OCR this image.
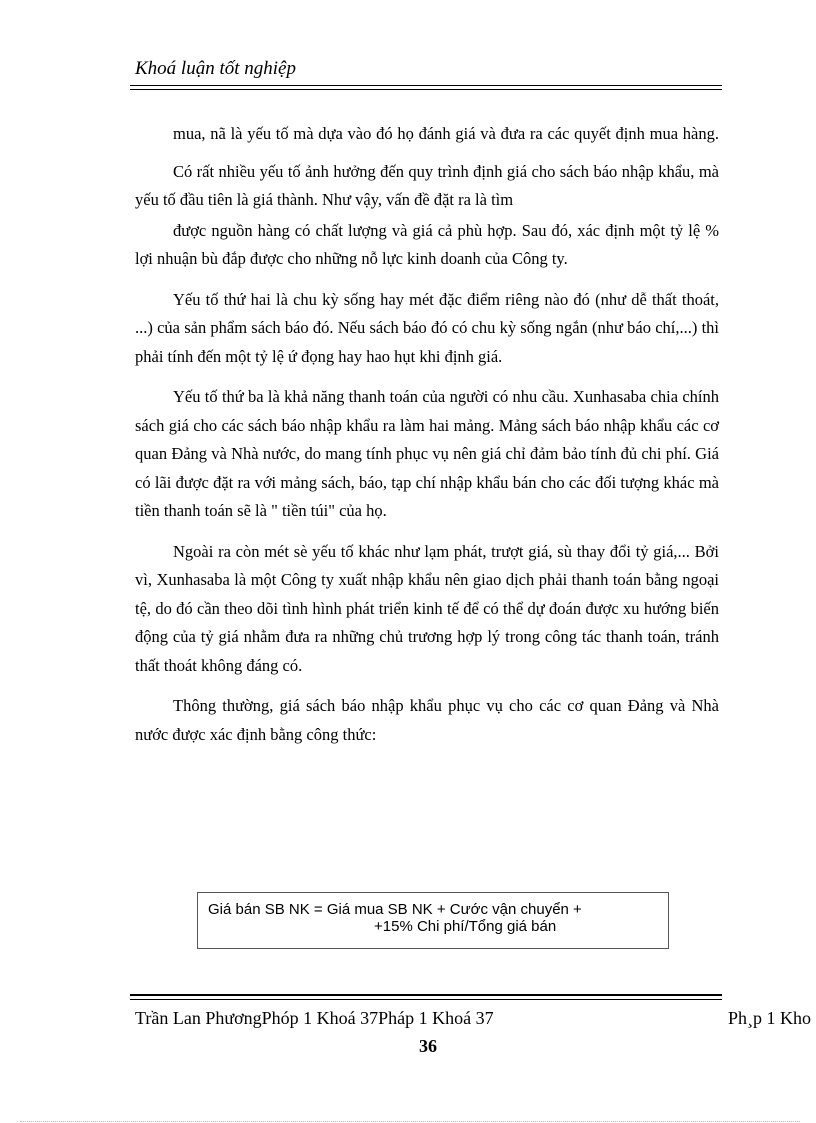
Khoá luận tốt nghiệp

mua, nã là yếu tố mà dựa vào đó họ đánh giá và đưa ra các quyết định mua hàng.

Có rất nhiều yếu tố ảnh hưởng đến quy trình định giá cho sách báo nhập khẩu, mà yếu tố đầu tiên là giá thành. Như vậy, vấn đề đặt ra là tìm

được nguồn hàng có chất lượng và giá cả phù hợp. Sau đó, xác định một tỷ lệ % lợi nhuận bù đắp được cho những nỗ lực kinh doanh của Công ty.

Yếu tố thứ hai là chu kỳ sống hay mét đặc điểm riêng nào đó (như dễ thất thoát, ...) của sản phẩm sách báo đó. Nếu sách báo đó có chu kỳ sống ngắn (như báo chí,...) thì phải tính đến một tỷ lệ ứ đọng hay hao hụt khi định giá.

Yếu tố thứ ba là khả năng thanh toán của người có nhu cầu. Xunhasaba chia chính sách giá cho các sách báo nhập khẩu ra làm hai mảng. Mảng sách báo nhập khẩu các cơ quan Đảng và Nhà nước, do mang tính phục vụ nên giá chỉ đảm bảo tính đủ chi phí. Giá có lãi được đặt ra với mảng sách, báo, tạp chí nhập khẩu bán cho các đối tượng khác mà tiền thanh toán sẽ là " tiền túi" của họ.

Ngoài ra còn mét sè yếu tố khác như lạm phát, trượt giá, sù thay đổi tỷ giá,... Bởi vì, Xunhasaba là một Công ty xuất nhập khẩu nên giao dịch phải thanh toán bằng ngoại tệ, do đó cần theo dõi tình hình phát triển kinh tế để có thể dự đoán được xu hướng biến động của tỷ giá nhằm đưa ra những chủ trương hợp lý trong công tác thanh toán, tránh thất thoát không đáng có.

Thông thường, giá sách báo nhập khẩu phục vụ cho các cơ quan Đảng và Nhà nước được xác định bằng công thức:

Giá bán SB NK = Giá mua SB NK + Cước vận chuyển +
+15% Chi phí/Tổng giá bán
Trần Lan PhươngPhóp 1 Khoá 37Pháp 1 Khoá 37	Ph¸p 1 Kho
36
